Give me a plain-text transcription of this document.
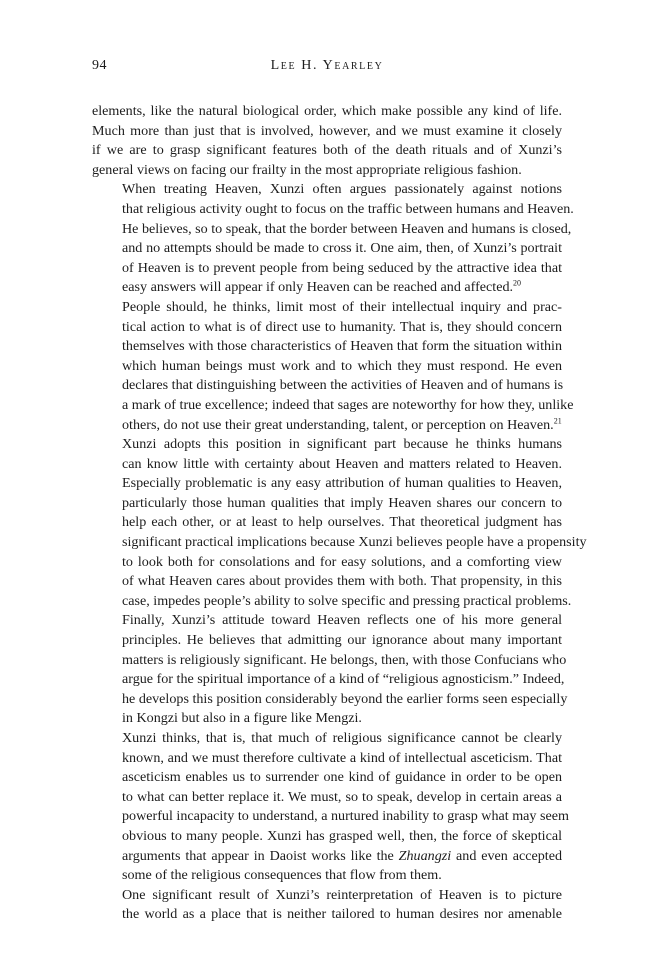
94	Lee H. Yearley

elements, like the natural biological order, which make possible any kind of life.
Much more than just that is involved, however, and we must examine it closely
if we are to grasp significant features both of the death rituals and of Xunzi’s
general views on facing our frailty in the most appropriate religious fashion.

When treating Heaven, Xunzi often argues passionately against notions
that religious activity ought to focus on the traffic between humans and Heaven.
He believes, so to speak, that the border between Heaven and humans is closed,
and no attempts should be made to cross it. One aim, then, of Xunzi’s portrait
of Heaven is to prevent people from being seduced by the attractive idea that
easy answers will appear if only Heaven can be reached and affected.$^{20}$

People should, he thinks, limit most of their intellectual inquiry and prac-
tical action to what is of direct use to humanity. That is, they should concern
themselves with those characteristics of Heaven that form the situation within
which human beings must work and to which they must respond. He even
declares that distinguishing between the activities of Heaven and of humans is
a mark of true excellence; indeed that sages are noteworthy for how they, unlike
others, do not use their great understanding, talent, or perception on Heaven.$^{21}$

Xunzi adopts this position in significant part because he thinks humans
can know little with certainty about Heaven and matters related to Heaven.
Especially problematic is any easy attribution of human qualities to Heaven,
particularly those human qualities that imply Heaven shares our concern to
help each other, or at least to help ourselves. That theoretical judgment has
significant practical implications because Xunzi believes people have a propensity
to look both for consolations and for easy solutions, and a comforting view
of what Heaven cares about provides them with both. That propensity, in this
case, impedes people’s ability to solve specific and pressing practical problems.

Finally, Xunzi’s attitude toward Heaven reflects one of his more general
principles. He believes that admitting our ignorance about many important
matters is religiously significant. He belongs, then, with those Confucians who
argue for the spiritual importance of a kind of “religious agnosticism.” Indeed,
he develops this position considerably beyond the earlier forms seen especially
in Kongzi but also in a figure like Mengzi.

Xunzi thinks, that is, that much of religious significance cannot be clearly
known, and we must therefore cultivate a kind of intellectual asceticism. That
asceticism enables us to surrender one kind of guidance in order to be open
to what can better replace it. We must, so to speak, develop in certain areas a
powerful incapacity to understand, a nurtured inability to grasp what may seem
obvious to many people. Xunzi has grasped well, then, the force of skeptical
arguments that appear in Daoist works like the Zhuangzi and even accepted
some of the religious consequences that flow from them.

One significant result of Xunzi’s reinterpretation of Heaven is to picture
the world as a place that is neither tailored to human desires nor amenable
